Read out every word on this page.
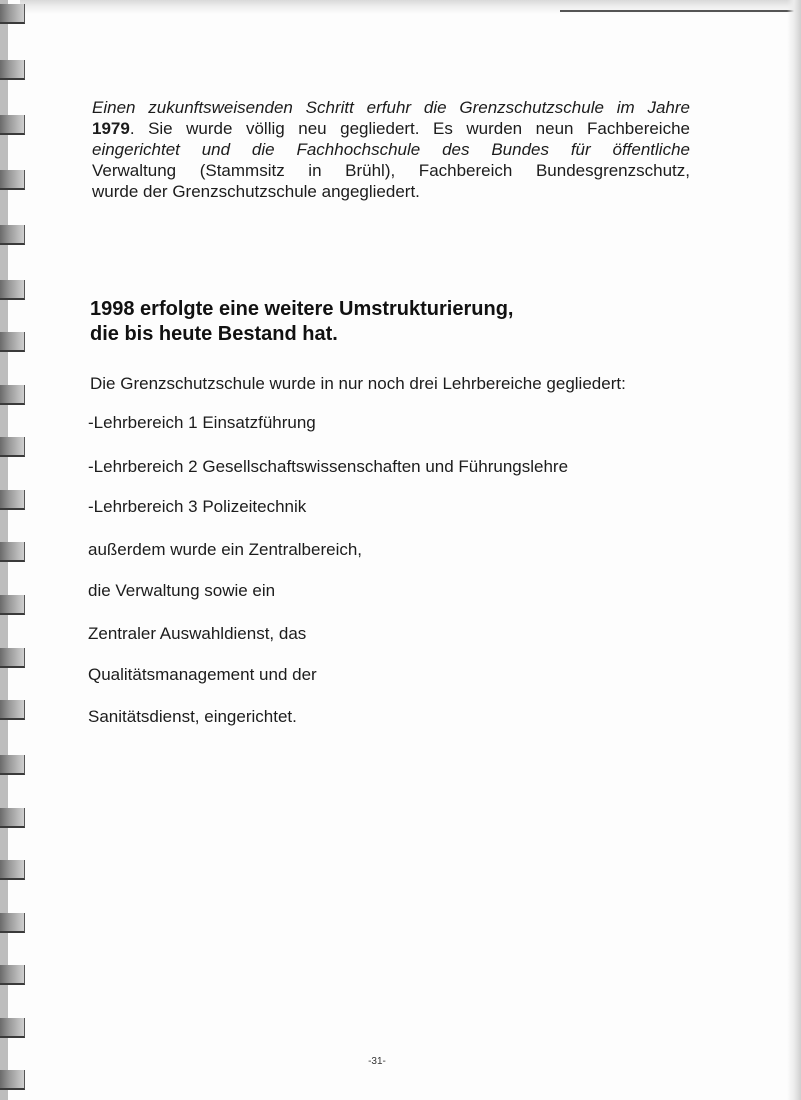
Einen zukunftsweisenden Schritt erfuhr die Grenzschutzschule im Jahre
1979. Sie wurde völlig neu gegliedert. Es wurden neun Fachbereiche
eingerichtet und die Fachhochschule des Bundes für öffentliche
Verwaltung (Stammsitz in Brühl), Fachbereich Bundesgrenzschutz,
wurde der Grenzschutzschule angegliedert.
1998 erfolgte eine weitere Umstrukturierung,
die bis heute Bestand hat.
Die Grenzschutzschule wurde in nur noch drei Lehrbereiche gegliedert:
-Lehrbereich 1 Einsatzführung
-Lehrbereich 2 Gesellschaftswissenschaften und Führungslehre
-Lehrbereich 3 Polizeitechnik
außerdem wurde ein Zentralbereich,
die Verwaltung sowie ein
Zentraler Auswahldienst, das
Qualitätsmanagement und der
Sanitätsdienst, eingerichtet.
-31-
